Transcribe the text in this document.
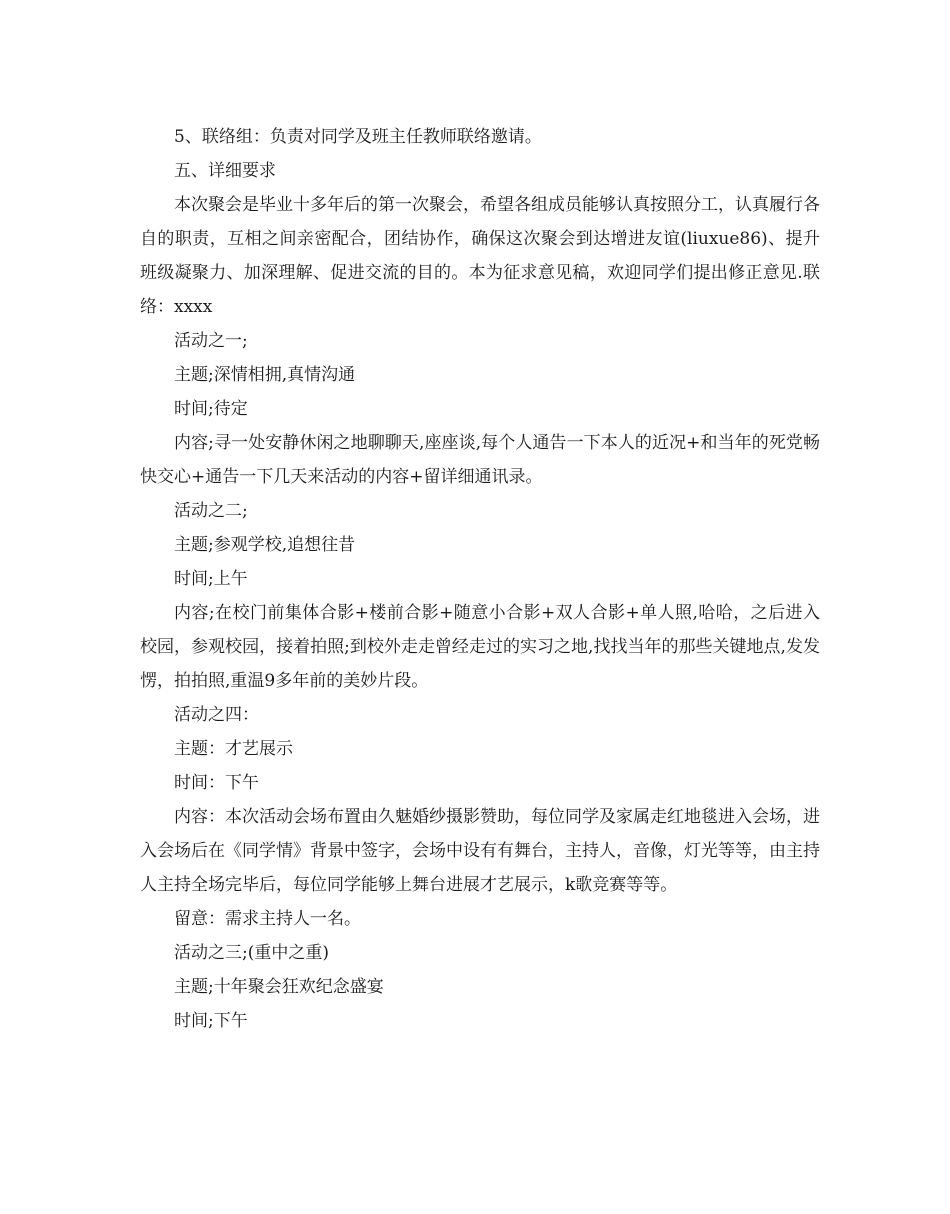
5、联络组：负责对同学及班主任教师联络邀请。

五、详细要求

本次聚会是毕业十多年后的第一次聚会，希望各组成员能够认真按照分工，认真履行各自的职责，互相之间亲密配合，团结协作，确保这次聚会到达增进友谊(liuxue86)、提升班级凝聚力、加深理解、促进交流的目的。本为征求意见稿，欢迎同学们提出修正意见.联络：xxxx

活动之一;

主题;深情相拥,真情沟通

时间;待定

内容;寻一处安静休闲之地聊聊天,座座谈,每个人通告一下本人的近况+和当年的死党畅快交心+通告一下几天来活动的内容+留详细通讯录。

活动之二;

主题;参观学校,追想往昔

时间;上午

内容;在校门前集体合影+楼前合影+随意小合影+双人合影+单人照,哈哈，之后进入校园，参观校园，接着拍照;到校外走走曾经走过的实习之地,找找当年的那些关键地点,发发愣，拍拍照,重温9多年前的美妙片段。

活动之四：

主题：才艺展示

时间：下午

内容：本次活动会场布置由久魅婚纱摄影赞助，每位同学及家属走红地毯进入会场，进入会场后在《同学情》背景中签字，会场中设有有舞台，主持人，音像，灯光等等，由主持人主持全场完毕后，每位同学能够上舞台进展才艺展示，k歌竞赛等等。

留意：需求主持人一名。

活动之三;(重中之重)

主题;十年聚会狂欢纪念盛宴

时间;下午
